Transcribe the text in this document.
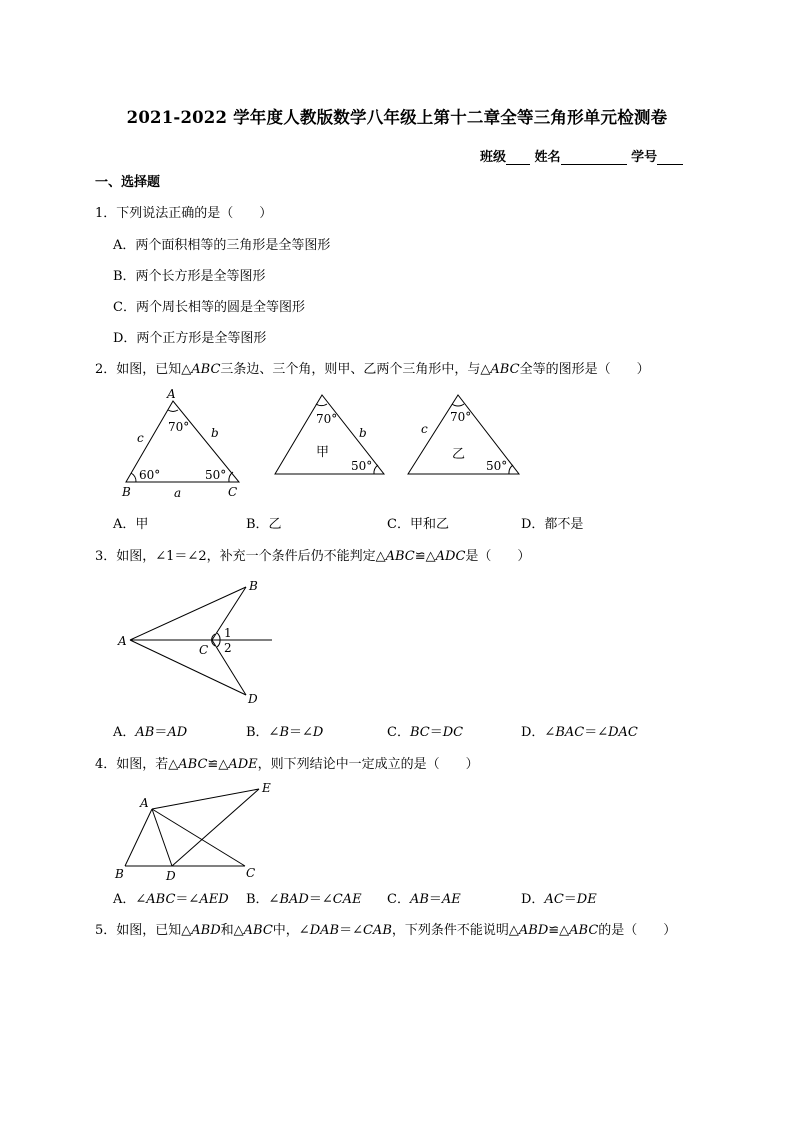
2021-2022 学年度人教版数学八年级上第十二章全等三角形单元检测卷
班级 姓名	学号
一、选择题
1．下列说法正确的是（　　）
A．两个面积相等的三角形是全等图形
B．两个长方形是全等图形
C．两个周长相等的圆是全等图形
D．两个正方形是全等图形
2．如图，已知△ABC三条边、三个角，则甲、乙两个三角形中，与△ABC全等的图形是（　　）
A
B	C
a
b
c
70°
60°	50°
70°
b
50°
甲
70°
c
50°
乙
A
B
C
D
1
2
A
B	C
D
E
A．甲	B．乙	C．甲和乙	D．都不是
3．如图，∠1＝∠2，补充一个条件后仍不能判定△ABC≌△ADC是（　　）
A．AB＝AD	B．∠B＝∠D	C．BC＝DC	D．∠BAC＝∠DAC
4．如图，若△ABC≌△ADE，则下列结论中一定成立的是（　　）
A．∠ABC＝∠AED B．∠BAD＝∠CAE C．AB＝AE	D．AC＝DE
5．如图，已知△ABD和△ABC中，∠DAB＝∠CAB，下列条件不能说明△ABD≌△ABC的是（　　）
